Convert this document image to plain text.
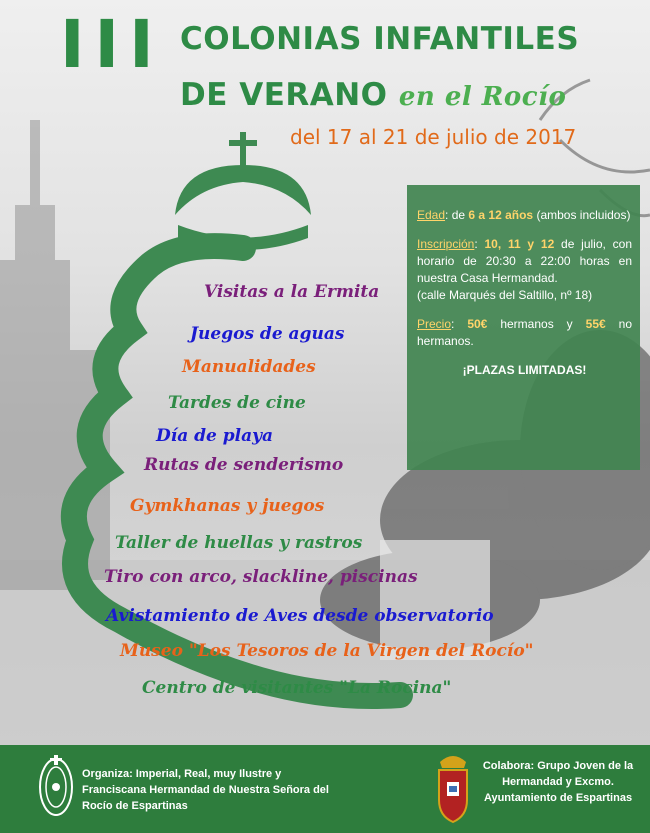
III COLONIAS INFANTILES
DE VERANO en el Rocío
del 17 al 21 de julio de 2017

Edad: de 6 a 12 años (ambos incluidos)

Inscripción: 10, 11 y 12 de julio, con horario de 20:30 a 22:00 horas en nuestra Casa Hermandad.
(calle Marqués del Saltillo, nº 18)

Precio: 50€ hermanos y 55€ no hermanos.

¡PLAZAS LIMITADAS!
Visitas a la Ermita
Juegos de aguas
Manualidades
Tardes de cine
Día de playa
Rutas de senderismo
Gymkhanas y juegos
Taller de huellas y rastros
Tiro con arco, slackline, piscinas
Avistamiento de Aves desde observatorio
Museo "Los Tesoros de la Virgen del Rocío"
Centro de visitantes "La Rocina"
Organiza: Imperial, Real, muy Ilustre y Franciscana Hermandad de Nuestra Señora del Rocío de Espartinas
Colabora: Grupo Joven de la Hermandad y Excmo. Ayuntamiento de Espartinas
